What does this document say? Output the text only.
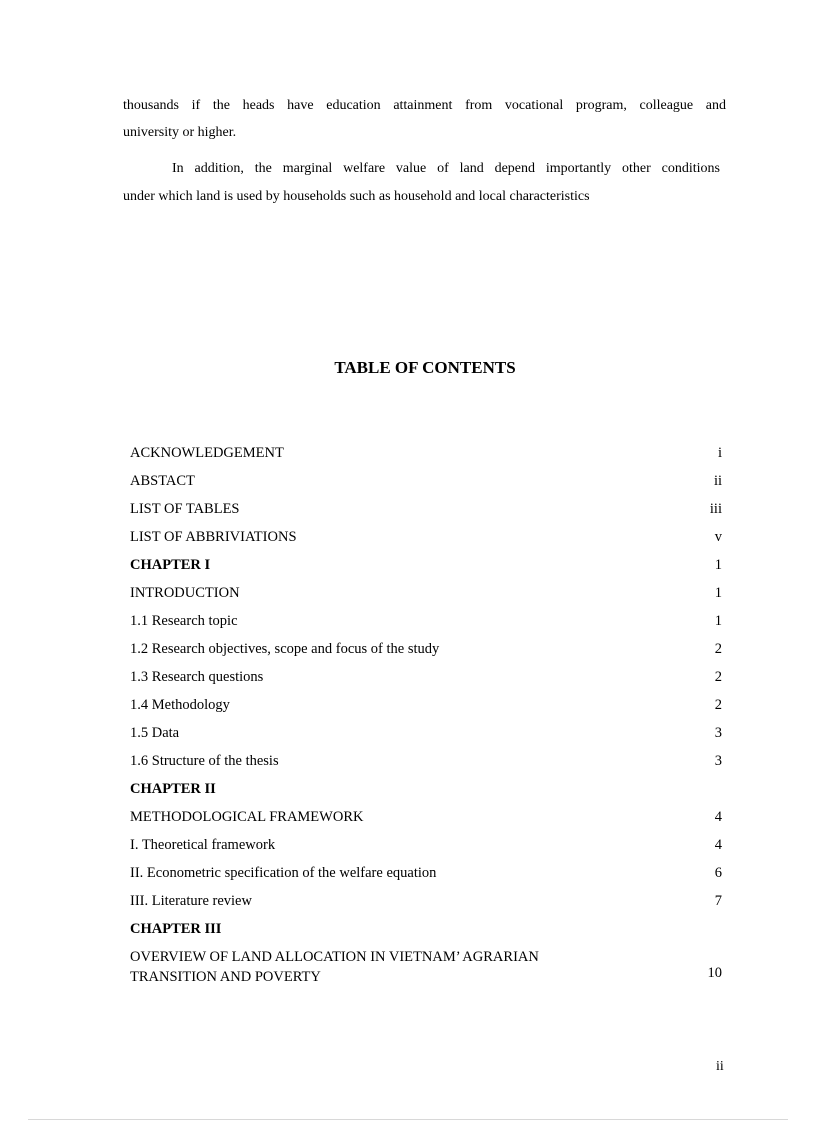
thousands if the heads have education attainment from vocational program, colleague and

university or higher.

In addition, the marginal welfare value of land depend importantly other conditions

under which land is used by households such as household and local characteristics

TABLE OF CONTENTS
ACKNOWLEDGEMENT	i
ABSTACT	ii
LIST OF TABLES	iii
LIST OF ABBRIVIATIONS	v
CHAPTER I	1
INTRODUCTION	1
1.1 Research topic	1
1.2 Research objectives, scope and focus of the study	2
1.3 Research questions	2
1.4 Methodology	2
1.5 Data	3
1.6 Structure of the thesis	3
CHAPTER II
METHODOLOGICAL FRAMEWORK	4
I. Theoretical framework	4
II. Econometric specification of the welfare equation	6
III. Literature review	7
CHAPTER III
OVERVIEW OF LAND ALLOCATION IN VIETNAM’ AGRARIAN TRANSITION AND POVERTY	10
ii
